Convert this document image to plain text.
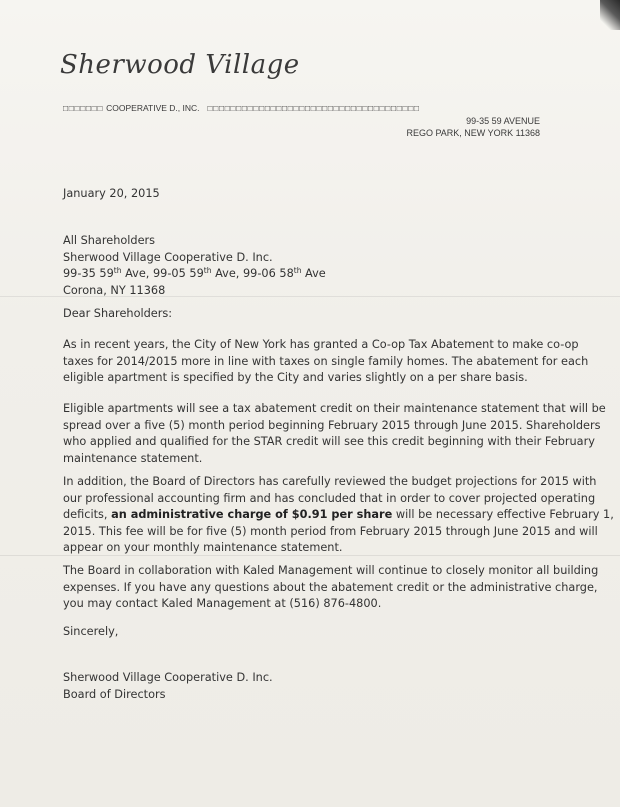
Sherwood Village
□□□□□□□ COOPERATIVE D., INC. □□□□□□□□□□□□□□□□□□□□□□□□□□□□□□□□□□□□□
99-35 59 AVENUE
REGO PARK, NEW YORK 11368
January 20, 2015
All Shareholders
Sherwood Village Cooperative D. Inc.
99-35 59th Ave, 99-05 59th Ave, 99-06 58th Ave
Corona, NY 11368
Dear Shareholders:
As in recent years, the City of New York has granted a Co-op Tax Abatement to make co-op
taxes for 2014/2015 more in line with taxes on single family homes. The abatement for each
eligible apartment is specified by the City and varies slightly on a per share basis.
Eligible apartments will see a tax abatement credit on their maintenance statement that will be
spread over a five (5) month period beginning February 2015 through June 2015. Shareholders
who applied and qualified for the STAR credit will see this credit beginning with their February
maintenance statement.
In addition, the Board of Directors has carefully reviewed the budget projections for 2015 with
our professional accounting firm and has concluded that in order to cover projected operating
deficits, an administrative charge of $0.91 per share will be necessary effective February 1,
2015. This fee will be for five (5) month period from February 2015 through June 2015 and will
appear on your monthly maintenance statement.
The Board in collaboration with Kaled Management will continue to closely monitor all building
expenses. If you have any questions about the abatement credit or the administrative charge,
you may contact Kaled Management at (516) 876-4800.
Sincerely,
Sherwood Village Cooperative D. Inc.
Board of Directors
